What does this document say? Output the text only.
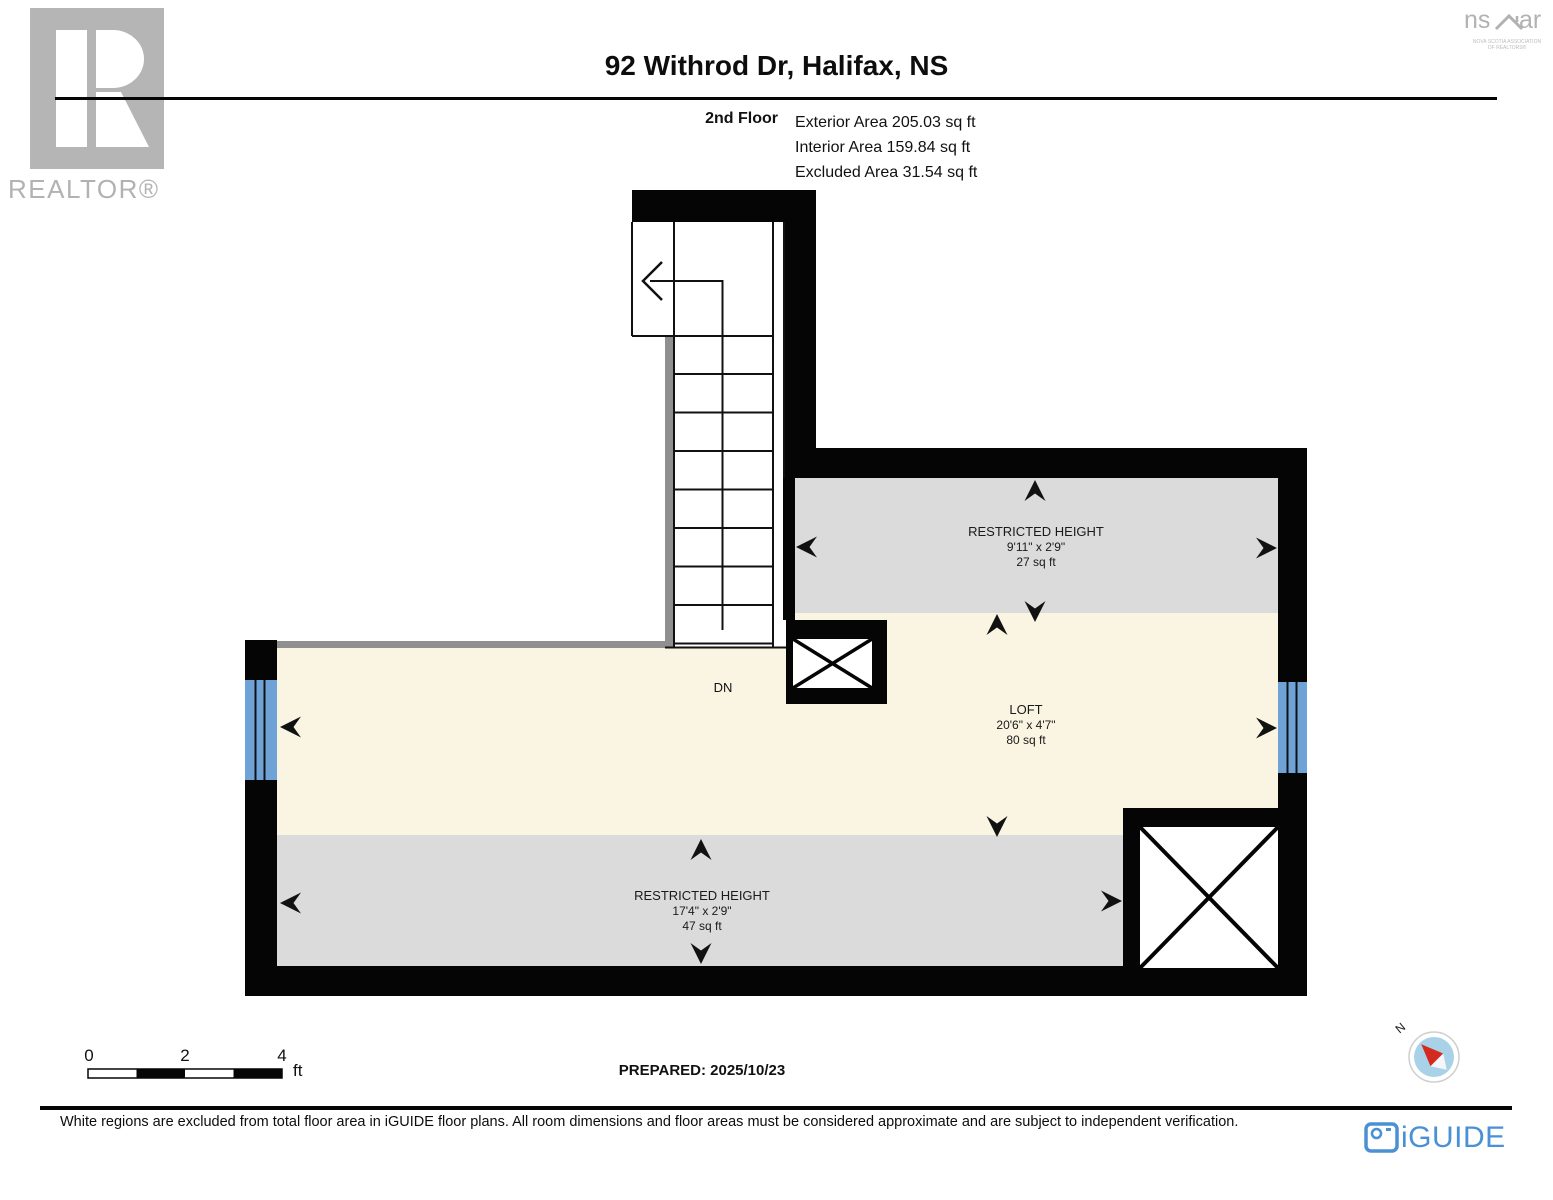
92 Withrod Dr, Halifax, NS
2nd Floor Exterior Area 205.03 sq ft
Interior Area 159.84 sq ft
Excluded Area 31.54 sq ft
REALTOR®
ns ar
NOVA SCOTIA ASSOCIATION
OF REALTORS®
RESTRICTED HEIGHT
9'11" x 2'9"
27 sq ft
LOFT
20'6" x 4'7"
80 sq ft
RESTRICTED HEIGHT
17'4" x 2'9"
47 sq ft
DN
0	2	4
ft	PREPARED: 2025/10/23
N
White regions are excluded from total floor area in iGUIDE floor plans. All room dimensions and floor areas must be considered approximate and are subject to independent verification.	iGUIDE
